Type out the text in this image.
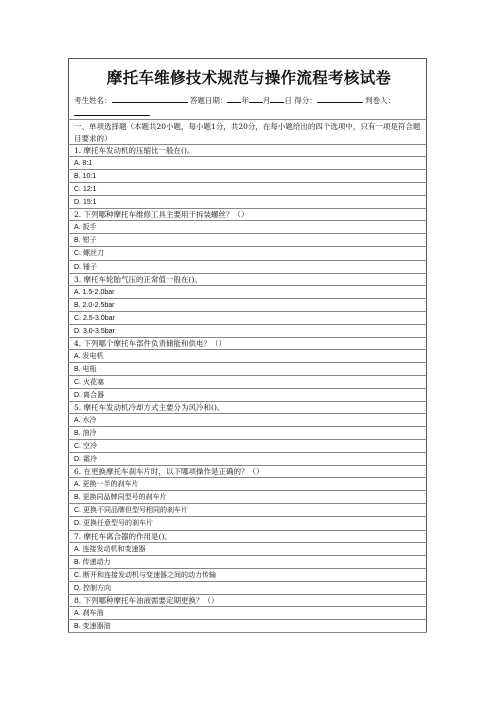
摩托车维修技术规范与操作流程考核试卷
考生姓名：	答题日期： 年 月 日 得分：	判卷人：

一、单项选择题（本题共20小题，每小题1分，共20分，在每小题给出的四个选项中，只有一项是符合题目要求的）
1. 摩托车发动机的压缩比一般在()。
A. 8:1
B. 10:1
C. 12:1
D. 15:1
2. 下列哪种摩托车维修工具主要用于拆装螺丝？（）
A. 扳手
B. 钳子
C. 螺丝刀
D. 锤子
3. 摩托车轮胎气压的正常值一般在()。
A. 1.5-2.0bar
B. 2.0-2.5bar
C. 2.5-3.0bar
D. 3.0-3.5bar
4. 下列哪个摩托车部件负责储能和供电？（）
A. 发电机
B. 电瓶
C. 火花塞
D. 离合器
5. 摩托车发动机冷却方式主要分为风冷和()。
A. 水冷
B. 油冷
C. 空冷
D. 霜冷
6. 在更换摩托车刹车片时，以下哪项操作是正确的？（）
A. 更换一半的刹车片
B. 更换同品牌同型号的刹车片
C. 更换不同品牌但型号相同的刹车片
D. 更换任意型号的刹车片
7. 摩托车离合器的作用是()。
A. 连接发动机和变速器
B. 传递动力
C. 断开和连接发动机与变速器之间的动力传输
D. 控制方向
8. 下列哪种摩托车油液需要定期更换？（）
A. 刹车油
B. 变速器油
